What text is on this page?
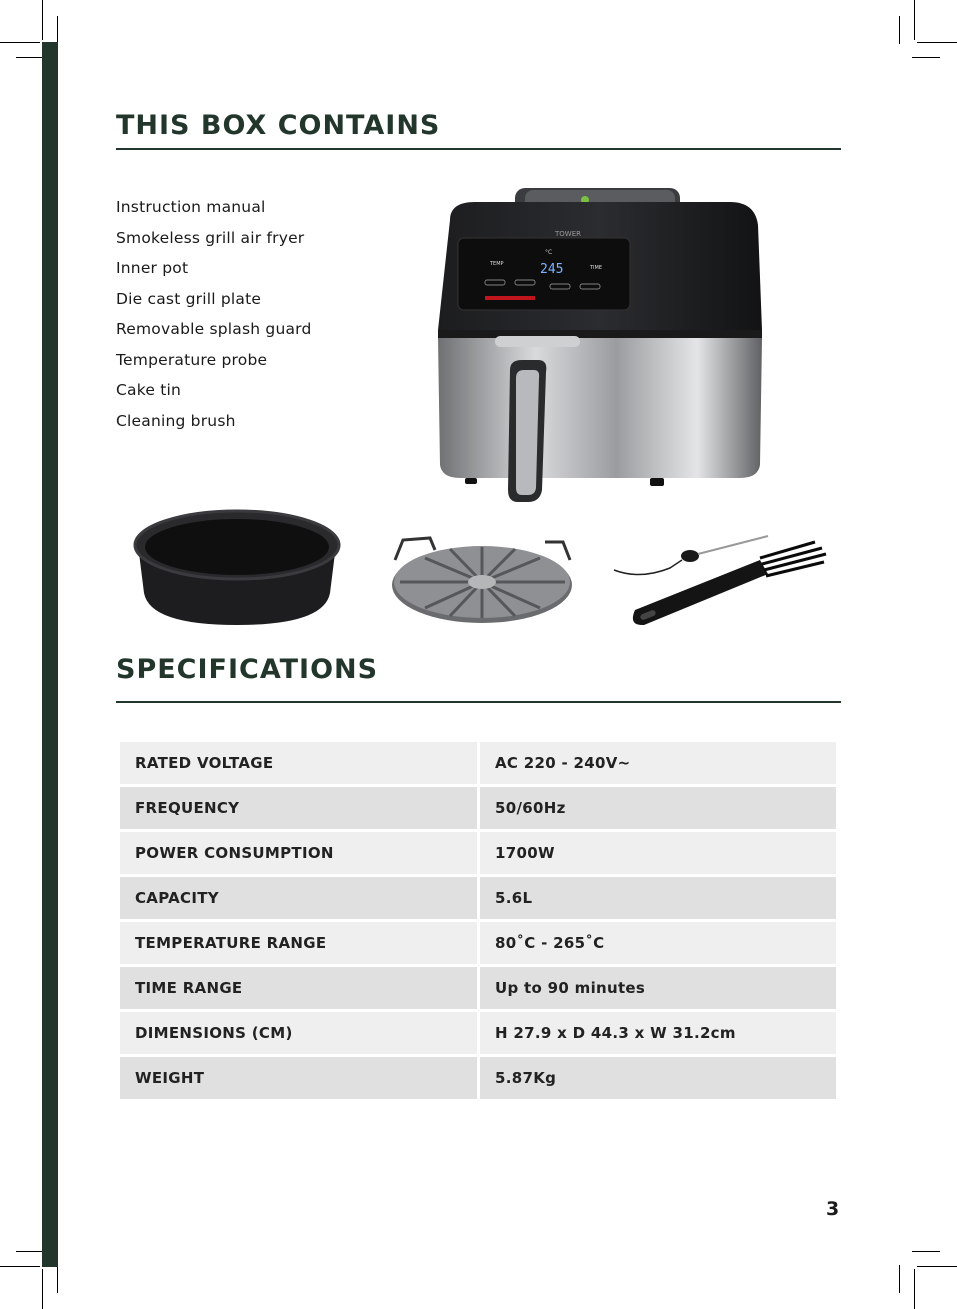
THIS BOX CONTAINS
Instruction manual
Smokeless grill air fryer
Inner pot
Die cast grill plate
Removable splash guard
Temperature probe
Cake tin
Cleaning brush
TOWER
°C
TEMP
TIME
245
SPECIFICATIONS
RATED VOLTAGE	AC 220 - 240V~
FREQUENCY	50/60Hz
POWER CONSUMPTION	1700W
CAPACITY	5.6L
TEMPERATURE RANGE	80˚C - 265˚C
TIME RANGE	Up to 90 minutes
DIMENSIONS (CM)	H 27.9 x D 44.3 x W 31.2cm
WEIGHT	5.87Kg
3
